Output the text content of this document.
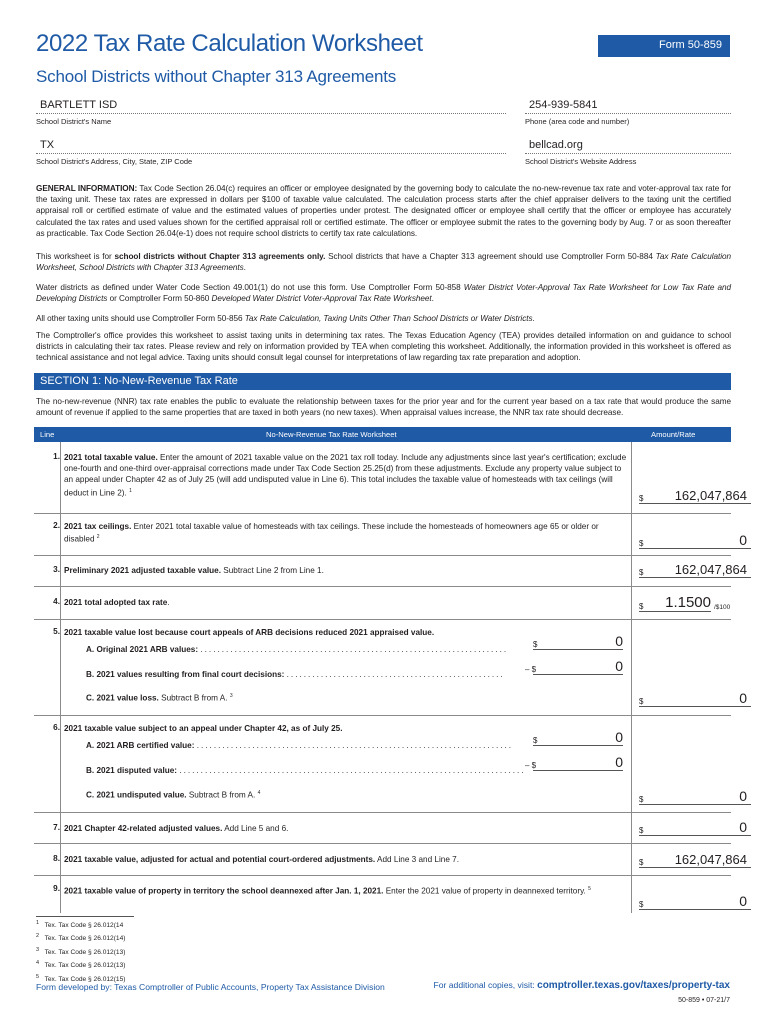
2022 Tax Rate Calculation Worksheet	Form 50-859
School Districts without Chapter 313 Agreements
BARTLETT ISD
School District's Name
254-939-5841
Phone (area code and number)
TX
School District's Address, City, State, ZIP Code
bellcad.org
School District's Website Address
GENERAL INFORMATION: Tax Code Section 26.04(c) requires an officer or employee designated by the governing body to calculate the no-new-revenue tax rate and voter-approval tax rate for the taxing unit. These tax rates are expressed in dollars per $100 of taxable value calculated. The calculation process starts after the chief appraiser delivers to the taxing unit the certified appraisal roll or certified estimate of value and the estimated values of properties under protest. The designated officer or employee shall certify that the officer or employee has accurately calculated the tax rates and used values shown for the certified appraisal roll or certified estimate. The officer or employee submit the rates to the governing body by Aug. 7 or as soon thereafter as practicable. Tax Code Section 26.04(e-1) does not require school districts to certify tax rate calculations.
This worksheet is for school districts without Chapter 313 agreements only. School districts that have a Chapter 313 agreement should use Comptroller Form 50-884 Tax Rate Calculation Worksheet, School Districts with Chapter 313 Agreements.
Water districts as defined under Water Code Section 49.001(1) do not use this form. Use Comptroller Form 50-858 Water District Voter-Approval Tax Rate Worksheet for Low Tax Rate and Developing Districts or Comptroller Form 50-860 Developed Water District Voter-Approval Tax Rate Worksheet.
All other taxing units should use Comptroller Form 50-856 Tax Rate Calculation, Taxing Units Other Than School Districts or Water Districts.
The Comptroller's office provides this worksheet to assist taxing units in determining tax rates. The Texas Education Agency (TEA) provides detailed information on and guidance to school districts in calculating their tax rates. Please review and rely on information provided by TEA when completing this worksheet. Additionally, the information provided in this worksheet is offered as technical assistance and not legal advice. Taxing units should consult legal counsel for interpretations of law regarding tax rate preparation and adoption.
SECTION 1: No-New-Revenue Tax Rate
The no-new-revenue (NNR) tax rate enables the public to evaluate the relationship between taxes for the prior year and for the current year based on a tax rate that would produce the same amount of revenue if applied to the same properties that are taxed in both years (no new taxes). When appraisal values increase, the NNR tax rate should decrease.
Line	No-New-Revenue Tax Rate Worksheet	Amount/Rate
1. 2021 total taxable value. Enter the amount of 2021 taxable value on the 2021 tax roll today. Include any adjustments since last year's certification; exclude one-fourth and one-third over-appraisal corrections made under Tax Code Section 25.25(d) from these adjustments. Exclude any property value subject to an appeal under Chapter 42 as of July 25 (will add undisputed value in Line 6). This total includes the taxable value of homesteads with tax ceilings (will deduct in Line 2). $^1$
$ 162,047,864
2. 2021 tax ceilings. Enter 2021 total taxable value of homesteads with tax ceilings. These include the homesteads of homeowners age 65 or older or disabled $^2$
$	0
3. Preliminary 2021 adjusted taxable value. Subtract Line 2 from Line 1.	$ 162,047,864
4. 2021 total adopted tax rate.	$ 1.1500 /$100
5. 2021 taxable value lost because court appeals of ARB decisions reduced 2021 appraised value.
A. Original 2021 ARB values: ........................................................................
$	0
B. 2021 values resulting from final court decisions: ...................................................
– $	0
C. 2021 value loss. Subtract B from A. $^3$
$	0
6. 2021 taxable value subject to an appeal under Chapter 42, as of July 25.
A. 2021 ARB certified value: ..........................................................................
$	0
B. 2021 disputed value: .................................................................................
– $	0
C. 2021 undisputed value. Subtract B from A. $^4$
$	0
7. 2021 Chapter 42-related adjusted values. Add Line 5 and 6.	$	0
8. 2021 taxable value, adjusted for actual and potential court-ordered adjustments. Add Line 3 and Line 7.	$ 162,047,864
9. 2021 taxable value of property in territory the school deannexed after Jan. 1, 2021. Enter the 2021 value of property in deannexed territory. $^5$
$	0
$^1$ Tex. Tax Code § 26.012(14
$^2$ Tex. Tax Code § 26.012(14)
$^3$ Tex. Tax Code § 26.012(13)
$^4$ Tex. Tax Code § 26.012(13)
$^5$ Tex. Tax Code § 26.012(15)
Form developed by: Texas Comptroller of Public Accounts, Property Tax Assistance Division	For additional copies, visit: comptroller.texas.gov/taxes/property-tax
50-859 • 07-21/7
